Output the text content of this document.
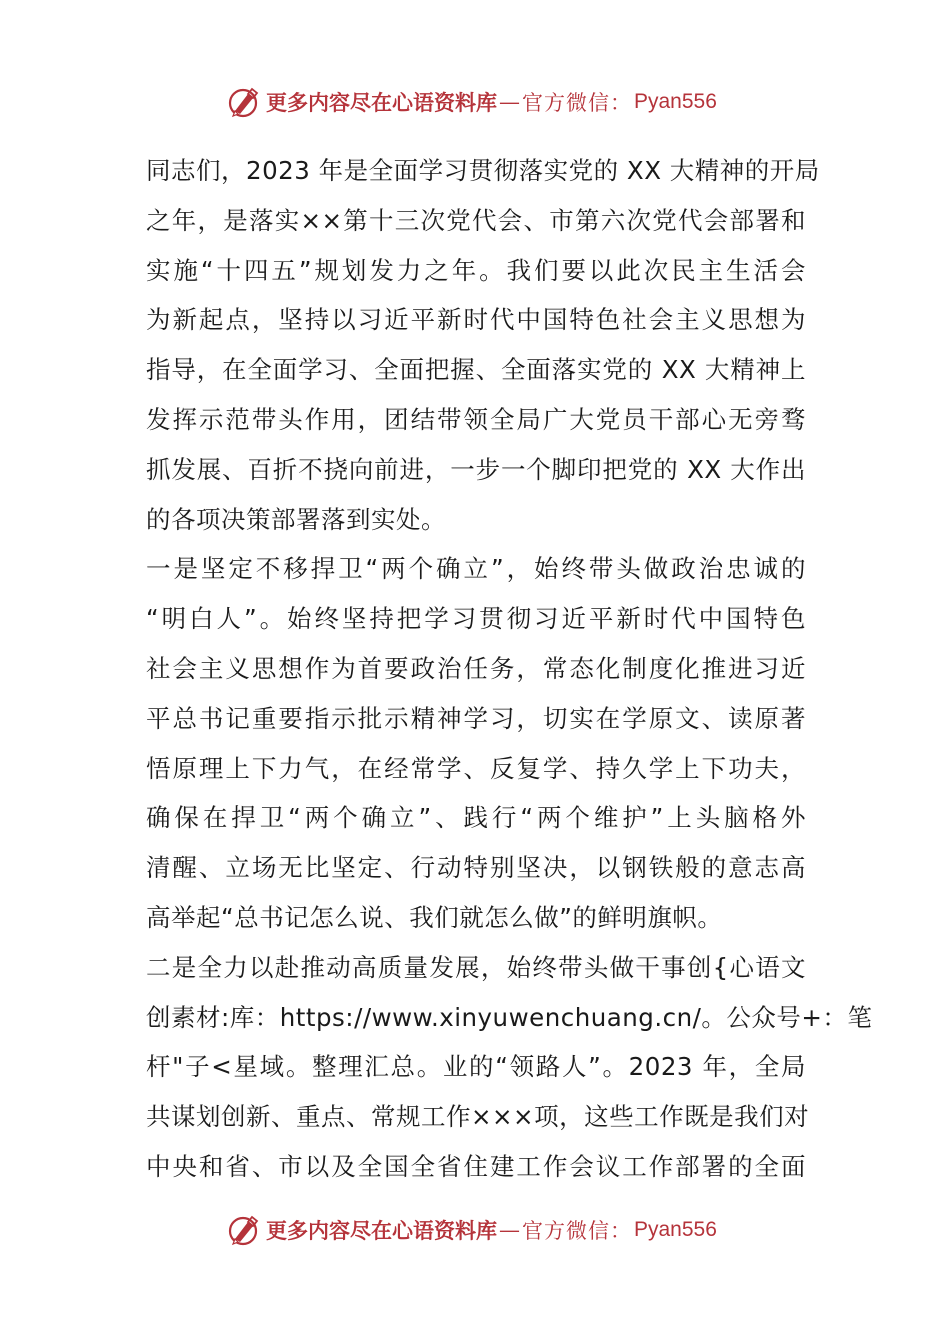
更多内容尽在心语资料库 — 官方微信： Pyan556
同志们，2023 年是全面学习贯彻落实党的 XX 大精神的开局
之年，是落实××第十三次党代会、市第六次党代会部署和
实施“十四五”规划发力之年。我们要以此次民主生活会
为新起点，坚持以习近平新时代中国特色社会主义思想为
指导，在全面学习、全面把握、全面落实党的 XX 大精神上
发挥示范带头作用，团结带领全局广大党员干部心无旁骛
抓发展、百折不挠向前进，一步一个脚印把党的 XX 大作出
的各项决策部署落到实处。
一是坚定不移捍卫“两个确立”，始终带头做政治忠诚的
“明白人”。始终坚持把学习贯彻习近平新时代中国特色
社会主义思想作为首要政治任务，常态化制度化推进习近
平总书记重要指示批示精神学习，切实在学原文、读原著
悟原理上下力气，在经常学、反复学、持久学上下功夫，
确保在捍卫“两个确立”、践行“两个维护”上头脑格外
清醒、立场无比坚定、行动特别坚决，以钢铁般的意志高
高举起“总书记怎么说、我们就怎么做”的鲜明旗帜。
二是全力以赴推动高质量发展，始终带头做干事创{心语文
创素材:库：https://www.xinyuwenchuang.cn/。公众号+：笔
杆"子<星域。整理汇总。业的“领路人”。2023 年，全局
共谋划创新、重点、常规工作×××项，这些工作既是我们对
中央和省、市以及全国全省住建工作会议工作部署的全面
更多内容尽在心语资料库 — 官方微信： Pyan556
